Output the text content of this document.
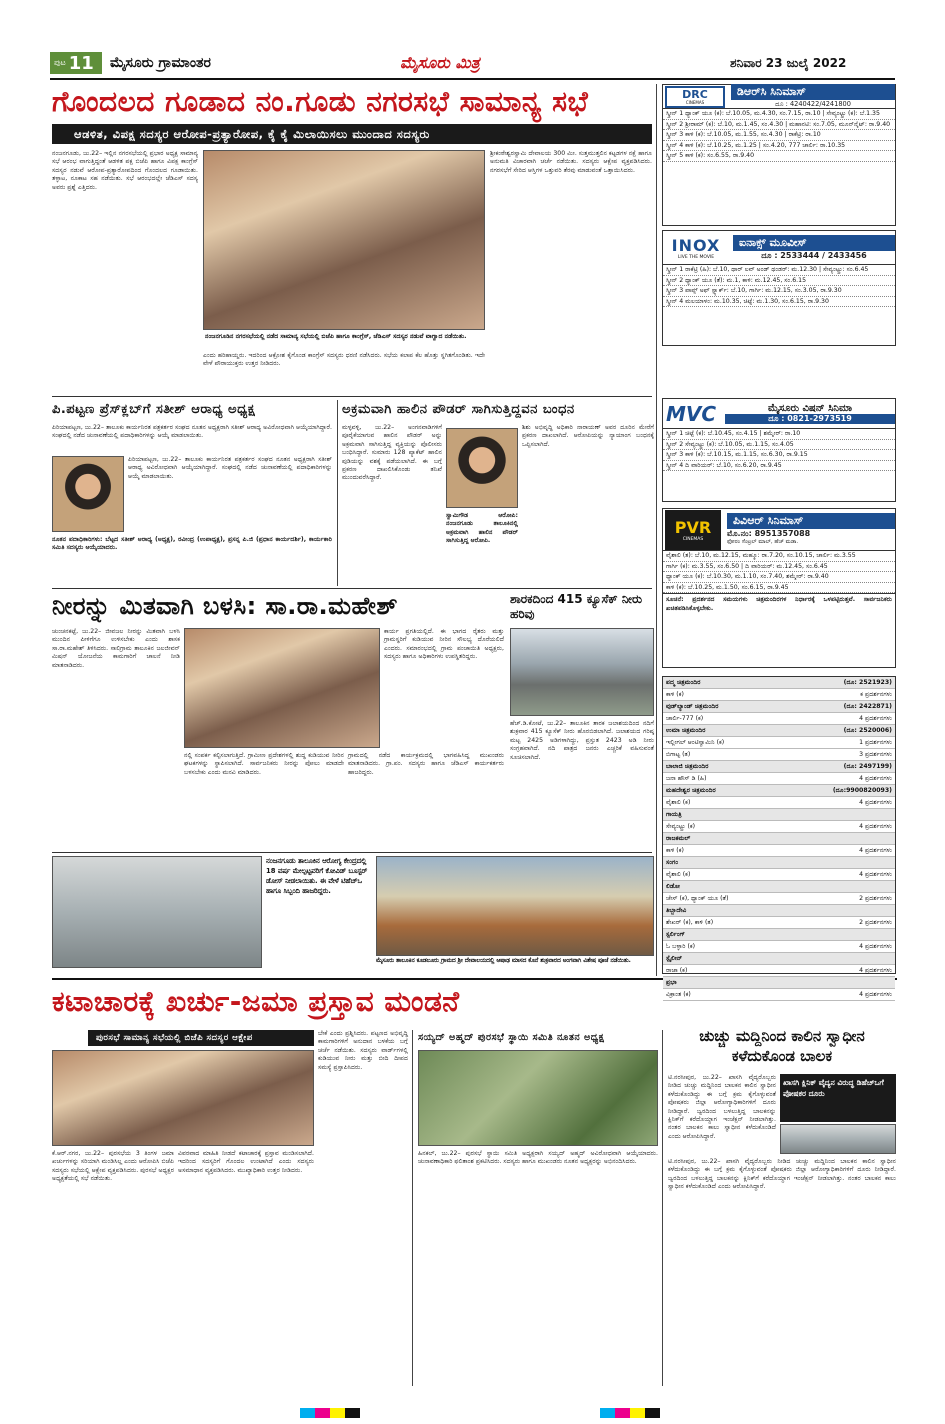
ಪುಟ 11 ಮೈಸೂರು ಗ್ರಾಮಾಂತರ	ಮೈಸೂರು ಮಿತ್ರ	ಶನಿವಾರ 23 ಜುಲೈ 2022
ಗೊಂದಲದ ಗೂಡಾದ ನಂ.ಗೂಡು ನಗರಸಭೆ ಸಾಮಾನ್ಯ ಸಭೆ
ಆಡಳಿತ, ವಿಪಕ್ಷ ಸದಸ್ಯರ ಆರೋಪ-ಪ್ರತ್ಯಾರೋಪ, ಕೈ ಕೈ ಮಿಲಾಯಿಸಲು ಮುಂದಾದ ಸದಸ್ಯರು
ನಂಜನಗೂಡು, ಜು.22– ಇಲ್ಲಿನ ನಗರಸಭೆಯಲ್ಲಿ ಪ್ರಭಾರ ಅಧ್ಯಕ್ಷ ಸಾಮಾನ್ಯ ಸಭೆ ಆರಂಭ ವಾಗುತ್ತಿದ್ದಂತೆ ಆಡಳಿತ ಪಕ್ಷ ಬಿಜೆಪಿ ಹಾಗೂ ವಿಪಕ್ಷ ಕಾಂಗ್ರೆಸ್ ಸದಸ್ಯರ ನಡುವೆ ಆರೋಪ-ಪ್ರತ್ಯಾರೋಪದಿಂದ ಗೊಂದಲದ ಗೂಡಾಯಿತು. ತಳ್ಳಾಟ, ನೂಕಾಟ ಸಹ ನಡೆಯಿತು. ಸಭೆ ಆರಂಭದಲ್ಲೇ ಜೆಡಿಎಸ್ ಸದಸ್ಯ ಅವರು ಪ್ರಶ್ನೆ ಎತ್ತಿದರು.
ನಂಜನಗೂಡಿನ ನಗರಸಭೆಯಲ್ಲಿ ನಡೆದ ಸಾಮಾನ್ಯ ಸಭೆಯಲ್ಲಿ ಬಿಜೆಪಿ ಹಾಗೂ ಕಾಂಗ್ರೆಸ್, ಜೆಡಿಎಸ್ ಸದಸ್ಯರ ನಡುವೆ ವಾಗ್ವಾದ ನಡೆಯಿತು.
ಎಂದು ಹರಿಹಾಯ್ದರು. ಇದರಿಂದ ಆಕ್ರೋಶ ಕೈಗೊಂಡ ಕಾಂಗ್ರೆಸ್ ಸದಸ್ಯರು ಧರಣಿ ನಡೆಸಿದರು. ಸಭೆಯ ಕಲಾಪ ಕೆಲ ಹೊತ್ತು ಸ್ಥಗಿತಗೊಂಡಿತು. ಇದೇ ವೇಳೆ ಪೌರಾಯುಕ್ತರು ಉತ್ತರ ನೀಡಿದರು.
ಶ್ರೀಕಂಠೇಶ್ವರಸ್ವಾಮಿ ದೇವಾಲಯ 300 ಮೀ. ಸುತ್ತಮುತ್ತಲಿನ ಕಟ್ಟಡಗಳ ನಕ್ಷೆ ಹಾಗೂ ಅನುಮತಿ ವಿಚಾರವಾಗಿ ಚರ್ಚೆ ನಡೆಯಿತು. ಸದಸ್ಯರು ಆಕ್ಷೇಪ ವ್ಯಕ್ತಪಡಿಸಿದರು. ನಗರಸಭೆಗೆ ಸೇರಿದ ಆಸ್ತಿಗಳ ಒತ್ತುವರಿ ತೆರವು ಮಾಡುವಂತೆ ಒತ್ತಾಯಿಸಿದರು.
ಪಿ.ಪಟ್ಟಣ ಪ್ರೆಸ್‌ಕ್ಲಬ್‌ಗೆ ಸತೀಶ್ ಆರಾಧ್ಯ ಅಧ್ಯಕ್ಷ
ಪಿರಿಯಾಪಟ್ಟಣ, ಜು.22– ತಾಲೂಕು ಕಾರ್ಯನಿರತ ಪತ್ರಕರ್ತರ ಸಂಘದ ನೂತನ ಅಧ್ಯಕ್ಷರಾಗಿ ಸತೀಶ್ ಆರಾಧ್ಯ ಅವಿರೋಧವಾಗಿ ಆಯ್ಕೆಯಾಗಿದ್ದಾರೆ. ಸಂಘದಲ್ಲಿ ನಡೆದ ಚುನಾವಣೆಯಲ್ಲಿ ಪದಾಧಿಕಾರಿಗಳನ್ನು ಆಯ್ಕೆ ಮಾಡಲಾಯಿತು.
ಪಿರಿಯಾಪಟ್ಟಣ, ಜು.22– ತಾಲೂಕು ಕಾರ್ಯನಿರತ ಪತ್ರಕರ್ತರ ಸಂಘದ ನೂತನ ಅಧ್ಯಕ್ಷರಾಗಿ ಸತೀಶ್ ಆರಾಧ್ಯ ಅವಿರೋಧವಾಗಿ ಆಯ್ಕೆಯಾಗಿದ್ದಾರೆ. ಸಂಘದಲ್ಲಿ ನಡೆದ ಚುನಾವಣೆಯಲ್ಲಿ ಪದಾಧಿಕಾರಿಗಳನ್ನು ಆಯ್ಕೆ ಮಾಡಲಾಯಿತು.
ನೂತನ ಪದಾಧಿಕಾರಿಗಳು: ಬೆಟ್ಟದ ಸತೀಶ್ ಆರಾಧ್ಯ (ಅಧ್ಯಕ್ಷ), ರವೀಂದ್ರ (ಉಪಾಧ್ಯಕ್ಷ), ಪ್ರಸನ್ನ ಪಿ.ಜಿ (ಪ್ರಧಾನ ಕಾರ್ಯದರ್ಶಿ), ಕಾರ್ಯಕಾರಿ ಸಮಿತಿ ಸದಸ್ಯರು ಆಯ್ಕೆಯಾದರು.
ಅಕ್ರಮವಾಗಿ ಹಾಲಿನ ಪೌಡರ್ ಸಾಗಿಸುತ್ತಿದ್ದವನ ಬಂಧನ
ಮಳ್ಳವಳ್ಳಿ, ಜು.22– ಅಂಗನವಾಡಿಗಳಿಗೆ ಪೂರೈಕೆಯಾಗುವ ಹಾಲಿನ ಪೌಡರ್ ಅನ್ನು ಅಕ್ರಮವಾಗಿ ಸಾಗಿಸುತ್ತಿದ್ದ ವ್ಯಕ್ತಿಯನ್ನು ಪೊಲೀಸರು ಬಂಧಿಸಿದ್ದಾರೆ. ಸುಮಾರು 128 ಪ್ಯಾಕೆಟ್ ಹಾಲಿನ ಪುಡಿಯನ್ನು ವಶಕ್ಕೆ ಪಡೆಯಲಾಗಿದೆ. ಈ ಬಗ್ಗೆ ಪ್ರಕರಣ ದಾಖಲಿಸಿಕೊಂಡು ತನಿಖೆ ಮುಂದುವರೆಸಿದ್ದಾರೆ.
ಸ್ವಾಮಿಗೌಡ ಆರೋಪಿ: ನಂಜನಗೂಡು ತಾಲೂಕಿನಲ್ಲಿ ಅಕ್ರಮವಾಗಿ ಹಾಲಿನ ಪೌಡರ್ ಸಾಗಿಸುತ್ತಿದ್ದ ಆರೋಪಿ.
ಶಿಶು ಅಭಿವೃದ್ಧಿ ಅಧಿಕಾರಿ ನಾರಾಯಣ್ ಅವರ ದೂರಿನ ಮೇರೆಗೆ ಪ್ರಕರಣ ದಾಖಲಾಗಿದೆ. ಆರೋಪಿಯನ್ನು ನ್ಯಾಯಾಂಗ ಬಂಧನಕ್ಕೆ ಒಪ್ಪಿಸಲಾಗಿದೆ.
ನೀರನ್ನು ಮಿತವಾಗಿ ಬಳಸಿ: ಸಾ.ರಾ.ಮಹೇಶ್
ಚುಂಚನಕಟ್ಟೆ, ಜು.22– ಜೀವಜಲ ನೀರನ್ನು ಮಿತವಾಗಿ ಬಳಸಿ ಮುಂದಿನ ಪೀಳಿಗೆಗೂ ಉಳಿಸಬೇಕು ಎಂದು ಶಾಸಕ ಸಾ.ರಾ.ಮಹೇಶ್ ತಿಳಿಸಿದರು. ಸಾಲಿಗ್ರಾಮ ತಾಲೂಕಿನ ಜಲಜೀವನ್ ಮಿಷನ್ ಯೋಜನೆಯ ಕಾಮಗಾರಿಗೆ ಚಾಲನೆ ನೀಡಿ ಮಾತನಾಡಿದರು.
ಕಾರ್ಯ ಪ್ರಗತಿಯಲ್ಲಿದೆ. ಈ ಭಾಗದ ರೈತರು ಮತ್ತು ಗ್ರಾಮಸ್ಥರಿಗೆ ಕುಡಿಯುವ ನೀರಿನ ಸೌಲಭ್ಯ ದೊರೆಯಲಿದೆ ಎಂದರು. ಸಮಾರಂಭದಲ್ಲಿ ಗ್ರಾಮ ಪಂಚಾಯಿತಿ ಅಧ್ಯಕ್ಷರು, ಸದಸ್ಯರು ಹಾಗೂ ಅಧಿಕಾರಿಗಳು ಉಪಸ್ಥಿತರಿದ್ದರು.
ನಲ್ಲಿ ಸಂಪರ್ಕ ಕಲ್ಪಿಸಲಾಗುತ್ತಿದೆ. ಗ್ರಾಮೀಣ ಪ್ರದೇಶಗಳಲ್ಲಿ ಶುದ್ಧ ಕುಡಿಯುವ ನೀರಿನ ಘಟಕಗಳನ್ನು ಸ್ಥಾಪಿಸಲಾಗಿದೆ. ಸಾರ್ವಜನಿಕರು ನೀರನ್ನು ಪೋಲು ಮಾಡದೇ ಬಳಸಬೇಕು ಎಂದು ಮನವಿ ಮಾಡಿದರು.
ಗ್ರಾಮದಲ್ಲಿ ನಡೆದ ಕಾರ್ಯಕ್ರಮದಲ್ಲಿ ಭಾಗವಹಿಸಿದ್ದ ಮುಖಂಡರು ಮಾತನಾಡಿದರು. ಗ್ರಾ.ಪಂ. ಸದಸ್ಯರು ಹಾಗೂ ಜೆಡಿಎಸ್ ಕಾರ್ಯಕರ್ತರು ಹಾಜರಿದ್ದರು.
ಶಾರಕದಿಂದ 415 ಕ್ಯೂಸೆಕ್ ನೀರು ಹರಿವು
ಹೆಚ್.ಡಿ.ಕೋಟೆ, ಜು.22– ತಾಲೂಕಿನ ತಾರಕ ಜಲಾಶಯದಿಂದ ನದಿಗೆ ಶುಕ್ರವಾರ 415 ಕ್ಯೂಸೆಕ್ ನೀರು ಹೊರಬಿಡಲಾಗಿದೆ. ಜಲಾಶಯದ ಗರಿಷ್ಠ ಮಟ್ಟ 2425 ಅಡಿಗಳಾಗಿದ್ದು, ಪ್ರಸ್ತುತ 2423 ಅಡಿ ನೀರು ಸಂಗ್ರಹವಾಗಿದೆ. ನದಿ ಪಾತ್ರದ ಜನರು ಎಚ್ಚರಿಕೆ ವಹಿಸುವಂತೆ ಸೂಚಿಸಲಾಗಿದೆ.
ನಂಜನಗೂಡು ತಾಲೂಕಿನ ಆರೋಗ್ಯ ಕೇಂದ್ರದಲ್ಲಿ 18 ವರ್ಷ ಮೇಲ್ಪಟ್ಟವರಿಗೆ ಕೋವಿಡ್ ಬೂಸ್ಟರ್ ಡೋಸ್ ನೀಡಲಾಯಿತು. ಈ ವೇಳೆ ಟಿಹೆಚ್‌ಒ ಹಾಗೂ ಸಿಬ್ಬಂದಿ ಹಾಜರಿದ್ದರು.
ಮೈಸೂರು ತಾಲೂಕಿನ ಕೂಡಲೂರು ಗ್ರಾಮದ ಶ್ರೀ ದೇವಾಲಯದಲ್ಲಿ ಆಷಾಢ ಮಾಸದ ಕೊನೆ ಶುಕ್ರವಾರದ ಅಂಗವಾಗಿ ವಿಶೇಷ ಪೂಜೆ ನಡೆಯಿತು.
ಕಟಾಚಾರಕ್ಕೆ ಖರ್ಚು-ಜಮಾ ಪ್ರಸ್ತಾವ ಮಂಡನೆ
ಪುರಸಭೆ ಸಾಮಾನ್ಯ ಸಭೆಯಲ್ಲಿ ಬಿಜೆಪಿ ಸದಸ್ಯರ ಆಕ್ಷೇಪ
ಕೆ.ಆರ್.ನಗರ, ಜು.22– ಪುರಸಭೆಯ 3 ತಿಂಗಳ ಜಮಾ ಖರ್ಚುಗಳನ್ನು ಸರಿಯಾಗಿ ಮಂಡಿಸಿಲ್ಲ ಎಂದು ಆರೋಪಿಸಿ ಬಿಜೆಪಿ ಸದಸ್ಯರು ಸಭೆಯಲ್ಲಿ ಆಕ್ಷೇಪ ವ್ಯಕ್ತಪಡಿಸಿದರು. ಪುರಸಭೆ ಅಧ್ಯಕ್ಷರ ಅಧ್ಯಕ್ಷತೆಯಲ್ಲಿ ಸಭೆ ನಡೆಯಿತು.
ವಿವರವಾದ ಮಾಹಿತಿ ನೀಡದೆ ಕಟಾಚಾರಕ್ಕೆ ಪ್ರಸ್ತಾವ ಮಂಡಿಸಲಾಗಿದೆ. ಇದರಿಂದ ಸದಸ್ಯರಿಗೆ ಗೊಂದಲ ಉಂಟಾಗಿದೆ ಎಂದು ಸದಸ್ಯರು ಅಸಮಾಧಾನ ವ್ಯಕ್ತಪಡಿಸಿದರು. ಮುಖ್ಯಾಧಿಕಾರಿ ಉತ್ತರ ನೀಡಿದರು.
ಬೇಕೆ ಎಂದು ಪ್ರಶ್ನಿಸಿದರು. ಪಟ್ಟಣದ ಅಭಿವೃದ್ಧಿ ಕಾಮಗಾರಿಗಳಿಗೆ ಅನುದಾನ ಬಳಕೆಯ ಬಗ್ಗೆ ಚರ್ಚೆ ನಡೆಯಿತು. ಸದಸ್ಯರು ವಾರ್ಡ್‌ಗಳಲ್ಲಿ ಕುಡಿಯುವ ನೀರು ಮತ್ತು ಬೀದಿ ದೀಪದ ಸಮಸ್ಯೆ ಪ್ರಸ್ತಾಪಿಸಿದರು.
ಸಯ್ಯದ್ ಅಹ್ಮದ್ ಪುರಸಭೆ ಸ್ಥಾಯಿ ಸಮಿತಿ ನೂತನ ಅಧ್ಯಕ್ಷ
ಹಿನಕಲ್, ಜು.22– ಪುರಸಭೆ ಸ್ಥಾಯಿ ಸಮಿತಿ ಅಧ್ಯಕ್ಷರಾಗಿ ಸಯ್ಯದ್ ಅಹ್ಮದ್ ಅವಿರೋಧವಾಗಿ ಆಯ್ಕೆಯಾದರು. ಚುನಾವಣಾಧಿಕಾರಿ ಫಲಿತಾಂಶ ಪ್ರಕಟಿಸಿದರು. ಸದಸ್ಯರು ಹಾಗೂ ಮುಖಂಡರು ನೂತನ ಅಧ್ಯಕ್ಷರನ್ನು ಅಭಿನಂದಿಸಿದರು.
ಚುಚ್ಚು ಮದ್ದಿನಿಂದ ಕಾಲಿನ ಸ್ವಾಧೀನ ಕಳೆದುಕೊಂಡ ಬಾಲಕ
ಟಿ.ನರಸೀಪುರ, ಜು.22– ಖಾಸಗಿ ವೈದ್ಯರೊಬ್ಬರು ನೀಡಿದ ಚುಚ್ಚು ಮದ್ದಿನಿಂದ ಬಾಲಕನ ಕಾಲಿನ ಸ್ವಾಧೀನ ಕಳೆದುಕೊಂಡಿದ್ದು ಈ ಬಗ್ಗೆ ಕ್ರಮ ಕೈಗೊಳ್ಳುವಂತೆ ಪೋಷಕರು ಜಿಲ್ಲಾ ಆರೋಗ್ಯಾಧಿಕಾರಿಗಳಿಗೆ ದೂರು ನೀಡಿದ್ದಾರೆ. ಜ್ವರದಿಂದ ಬಳಲುತ್ತಿದ್ದ ಬಾಲಕನನ್ನು ಕ್ಲಿನಿಕ್‌ಗೆ ಕರೆದೊಯ್ದಾಗ ಇಂಜೆಕ್ಷನ್ ನೀಡಲಾಗಿತ್ತು. ನಂತರ ಬಾಲಕನ ಕಾಲು ಸ್ವಾಧೀನ ಕಳೆದುಕೊಂಡಿದೆ ಎಂದು ಆರೋಪಿಸಿದ್ದಾರೆ.
ಖಾಸಗಿ ಕ್ಲಿನಿಕ್ ವೈದ್ಯನ ವಿರುದ್ಧ ಡಿಹೆಚ್‌ಒಗೆ ಪೋಷಕರ ದೂರು
ಟಿ.ನರಸೀಪುರ, ಜು.22– ಖಾಸಗಿ ವೈದ್ಯರೊಬ್ಬರು ನೀಡಿದ ಚುಚ್ಚು ಮದ್ದಿನಿಂದ ಬಾಲಕನ ಕಾಲಿನ ಸ್ವಾಧೀನ ಕಳೆದುಕೊಂಡಿದ್ದು ಈ ಬಗ್ಗೆ ಕ್ರಮ ಕೈಗೊಳ್ಳುವಂತೆ ಪೋಷಕರು ಜಿಲ್ಲಾ ಆರೋಗ್ಯಾಧಿಕಾರಿಗಳಿಗೆ ದೂರು ನೀಡಿದ್ದಾರೆ. ಜ್ವರದಿಂದ ಬಳಲುತ್ತಿದ್ದ ಬಾಲಕನನ್ನು ಕ್ಲಿನಿಕ್‌ಗೆ ಕರೆದೊಯ್ದಾಗ ಇಂಜೆಕ್ಷನ್ ನೀಡಲಾಗಿತ್ತು. ನಂತರ ಬಾಲಕನ ಕಾಲು ಸ್ವಾಧೀನ ಕಳೆದುಕೊಂಡಿದೆ ಎಂದು ಆರೋಪಿಸಿದ್ದಾರೆ.
DRC
CINEMAS
ಡಿಆರ್‌ಸಿ ಸಿನಿಮಾಸ್
ದೂ : 4240422/4241800
ಸ್ಕ್ರೀನ್ 1 ಥ್ಯಾಂಕ್ ಯೂ (ಕ): ಬೆ.10.05, ಮ.4.30, ಸಂ.7.15, ರಾ.10 | ಸೇವ್ಯಂಟ್ಟ್ರು (ಕ): ಬೆ.1.35
ಸ್ಕ್ರೀನ್ 2 ಶ್ರೀರಾಮ್ (ಕ): ಬೆ.10, ಮ.1.45, ಸಂ.4.30 | ಮಹಾನಟಿ: ಸಂ.7.05, ಮೂನ್‌ನೈಟ್: ರಾ.9.40
ಸ್ಕ್ರೀನ್ 3 ಕಾಳಿ (ಕ): ಬೆ.10.05, ಮ.1.55, ಸಂ.4.30 | ರಾಕೆಟ್ರಿ: ರಾ.10
ಸ್ಕ್ರೀನ್ 4 ಕಾಳಿ (ಕ): ಬೆ.10.25, ಮ.1.25 | ಸಂ.4.20, 777 ಚಾರ್ಲಿ: ರಾ.10.35
ಸ್ಕ್ರೀನ್ 5 ಕಾಳಿ (ಕ): ಸಂ.6.55, ರಾ.9.40
INOX
LIVE THE MOVIE
ಐನಾಕ್ಸ್ ಮೂವೀಸ್
ದೂ : 2533444 / 2433456
ಸ್ಕ್ರೀನ್ 1 ರಾಕೆಟ್ರಿ (ಹಿ): ಬೆ.10, ಥಾರ್ ಲವ್ ಅಂಡ್ ಥಂಡರ್: ಮ.12.30 | ಸೇವ್ಯಂಟ್ಟ್ರು: ಸಂ.6.45
ಸ್ಕ್ರೀನ್ 2 ಥ್ಯಾಂಕ್ ಯೂ (ತೆ): ಮ.1, ಕಾಳಿ: ಮ.12.45, ಸಂ.6.15
ಸ್ಕ್ರೀನ್ 3 ಪಾಪ್ಪ್ ಅಫ್ ಸ್ಪ್ಯಾರ್ಕ್: ಬೆ.10, ಗಾರ್ಗಿ: ಮ.12.15, ಸಂ.3.05, ರಾ.9.30
ಸ್ಕ್ರೀನ್ 4 ಮಲಯಾಳಂ: ಮ.10.35, ಚಿಟ್ಟೆ: ಮ.1.30, ಸಂ.6.15, ರಾ.9.30
MVC	ಮೈಸೂರು ವಿಷನ್ ಸಿನಿಮಾ
ದೂ : 0821-2973519
ಸ್ಕ್ರೀನ್ 1 ಚಿಟ್ಟೆ (ಕ): ಬೆ.10.45, ಸಂ.4.15 | ಶಮ್ಶೇರ್: ರಾ.10
ಸ್ಕ್ರೀನ್ 2 ಸೇವ್ಯಂಟ್ಟ್ರು (ಕ): ಬೆ.10.05, ಮ.1.15, ಸಂ.4.05
ಸ್ಕ್ರೀನ್ 3 ಕಾಳಿ (ಕ): ಬೆ.10.15, ಮ.1.15, ಸಂ.6.30, ರಾ.9.15
ಸ್ಕ್ರೀನ್ 4 ದಿ ವಾರಿಯರ್: ಬೆ.10, ಸಂ.6.20, ರಾ.9.45
PVR
CINEMAS
ಪಿವಿಆರ್ ಸಿನಿಮಾಸ್
ಮೊ.ನಂ: 8951357088
ಫೋರಂ ಸೆಂಟ್ರಲ್ ಮಾಲ್, ಹೆಚ್ ಮಡಾ.
ವೈಶಾಲಿ (ತ): ಬೆ.10, ಮ.12.15, ಮಹ್ಮೂ: ರಾ.7.20, ಸಂ.10.15, ಚಾರ್ಲಿ: ಮ.3.55
ಗಾರ್ಗಿ (ಕ): ಮ.3.55, ಸಂ.6.50 | ದಿ ವಾರಿಯರ್: ಮ.12.45, ಸಂ.6.45
ಥ್ಯಾಂಕ್ ಯೂ (ಕ): ಬೆ.10.30, ಮ.1.10, ಸಂ.7.40, ಶಮ್ಶೇರ್: ರಾ.9.40
ಕಾಳಿ (ಕ): ಬೆ.10.25, ಮ.1.50, ಸಂ.6.15, ರಾ.9.45
ಸೂಚನೆ: ಪ್ರದರ್ಶನದ ಸಮಯಗಳು ಚಿತ್ರಮಂದಿರಗಳ ನಿರ್ಧಾರಕ್ಕೆ ಒಳಪಟ್ಟಿರುತ್ತವೆ. ಸಾರ್ವಜನಿಕರು ಖಚಿತಪಡಿಸಿಕೊಳ್ಳಬೇಕು.
ಪದ್ಮ ಚಿತ್ರಮಂದಿರ	(ದೂ: 2521923)
ಕಾಳಿ (ಕ)	ಕ ಪ್ರದರ್ಶನಗಳು
ವುಡ್‌ಲ್ಯಾಂಡ್ ಚಿತ್ರಮಂದಿರ	(ದೂ: 2422871)
ಚಾರ್ಲಿ-777 (ಕ)	4 ಪ್ರದರ್ಶನಗಳು
ಉಮಾ ಚಿತ್ರಮಂದಿರ	(ದೂ: 2520006)
ಇಲ್ಲೀಗಲ್ ಆಂಟಿಸ್ವಾಮಿನಿ (ಕ)	1 ಪ್ರದರ್ಶನಗಳು
ಬಿಗಾಟ್ಟ (ತ)	3 ಪ್ರದರ್ಶನಗಳು
ಬಾಲಾಜಿ ಚಿತ್ರಮಂದಿರ	(ದೂ: 2497199)
ಜನಾ ಹೌಸ್ ಡಿ (ಹಿ)	4 ಪ್ರದರ್ಶನಗಳು
ಮಹದೇಶ್ವರ ಚಿತ್ರಮಂದಿರ	(ದೂ:9900820093)
ವೈಶಾಲಿ (ಕ)	4 ಪ್ರದರ್ಶನಗಳು
ಗಾಯತ್ರಿ
ಸೇವ್ಯಂಟ್ಟ್ರು (ಕ)	4 ಪ್ರದರ್ಶನಗಳು
ರಾಜಕಮಲ್
ಕಾಳಿ (ಕ)	4 ಪ್ರದರ್ಶನಗಳು
ಸಂಗಂ
ವೈಶಾಲಿ (ಕ)	4 ಪ್ರದರ್ಶನಗಳು
ಲಿಡೋ
ಚೇಸ್ (ಕ), ಥ್ಯಾಂಕ್ ಯೂ (ತೆ)	2 ಪ್ರದರ್ಶನಗಳು
ತಿಬ್ಬಾದೇವಿ
ಶೇಖರ್ (ಕ), ಕಾಳಿ (ತ)	2 ಪ್ರದರ್ಶನಗಳು
ಸ್ಟರ್ಲಿಂಗ್
ಓ ಬಳ್ಳಾರಿ (ಕ)	4 ಪ್ರದರ್ಶನಗಳು
ಸ್ಟೈಲೀನ್
ರಾಜಾ (ಕ)	4 ಪ್ರದರ್ಶನಗಳು
ಪ್ರಭಾ
ವಿಕ್ರಾಂತ (ಕ)	4 ಪ್ರದರ್ಶನಗಳು
